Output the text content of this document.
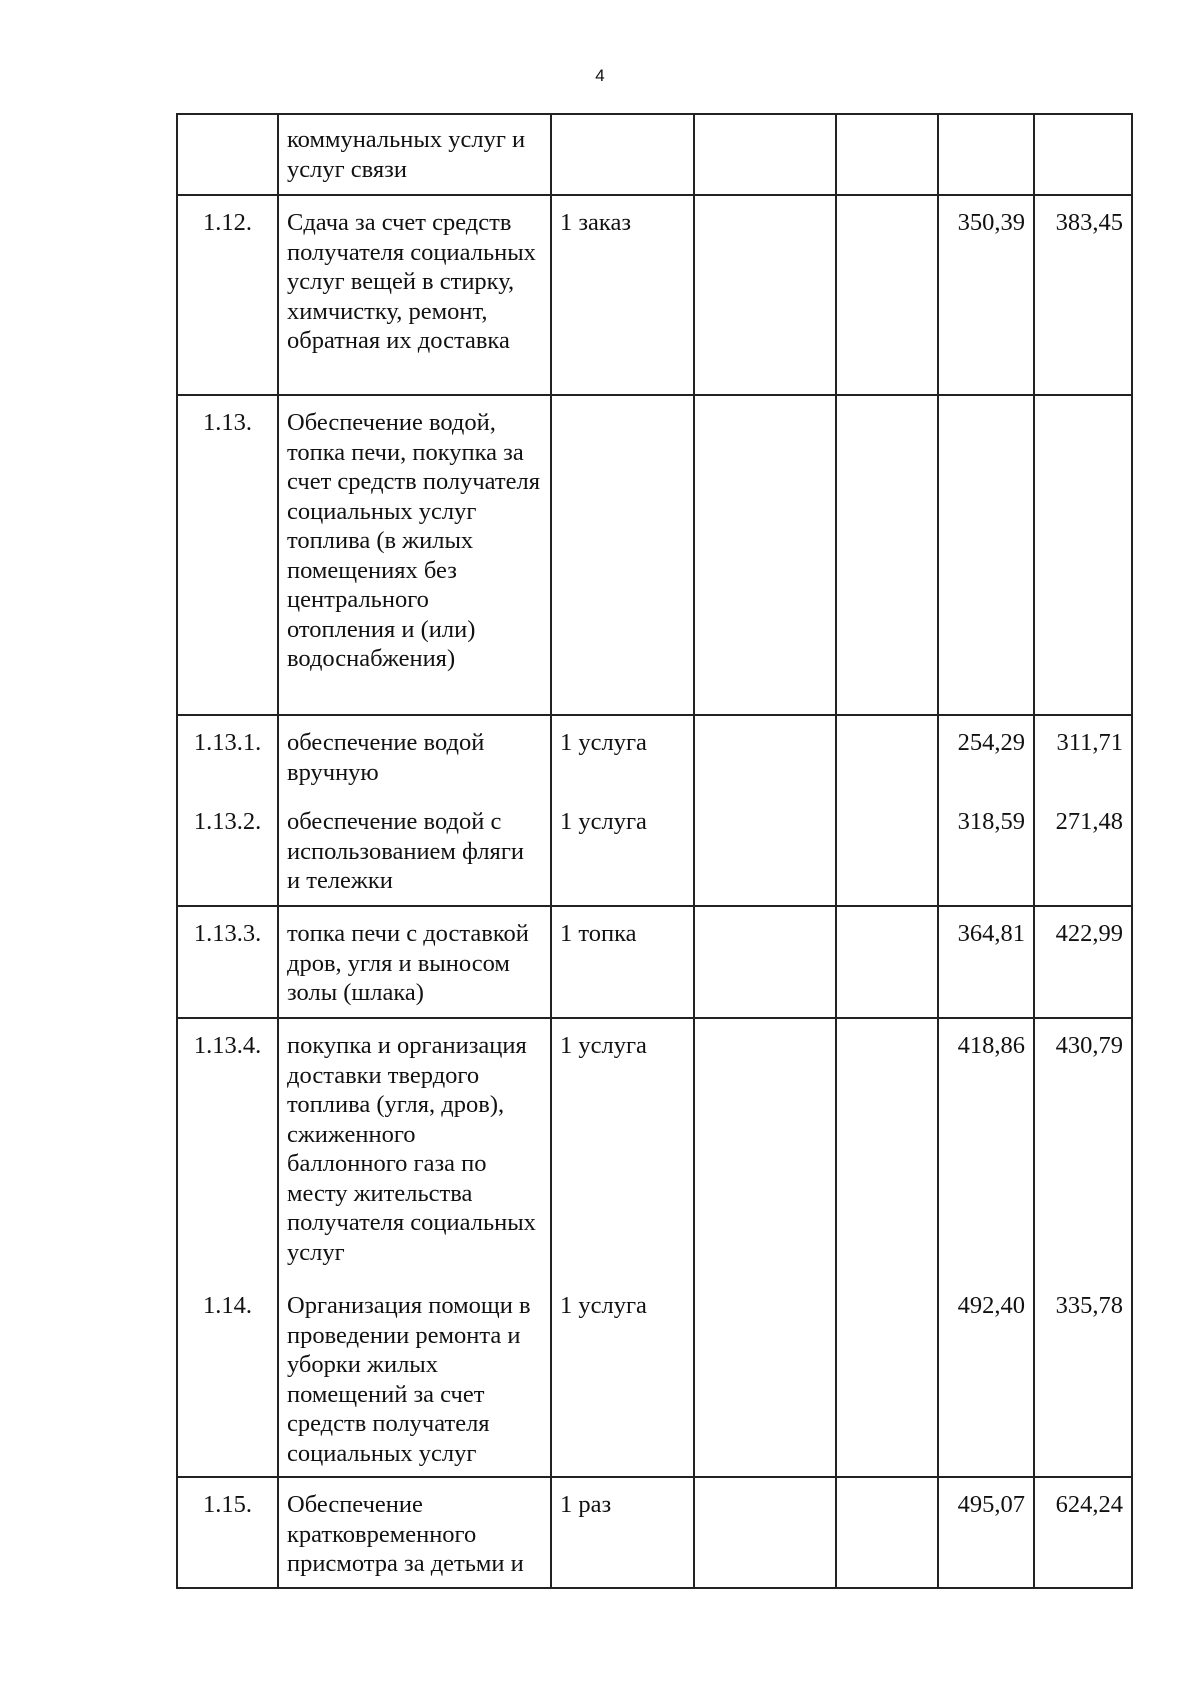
4
	коммунальных услуг и услуг связи					
1.12.	Сдача за счет средств получателя социальных услуг вещей в стирку, химчистку, ремонт, обратная их доставка	1 заказ			350,39	383,45
1.13.	Обеспечение водой, топка печи, покупка за счет средств получателя социальных услуг топлива (в жилых помещениях без центрального отопления и (или) водоснабжения)					
1.13.1.	обеспечение водой вручную	1 услуга			254,29	311,71
1.13.2.	обеспечение водой с использованием фляги и тележки	1 услуга			318,59	271,48
1.13.3.	топка печи с доставкой дров, угля и выносом золы (шлака)	1 топка			364,81	422,99
1.13.4.	покупка и организация доставки твердого топлива (угля, дров), сжиженного баллонного газа по месту жительства получателя социальных услуг	1 услуга			418,86	430,79
1.14.	Организация помощи в проведении ремонта и уборки жилых помещений за счет средств получателя социальных услуг	1 услуга			492,40	335,78
1.15.	Обеспечение кратковременного присмотра за детьми и	1 раз			495,07	624,24
